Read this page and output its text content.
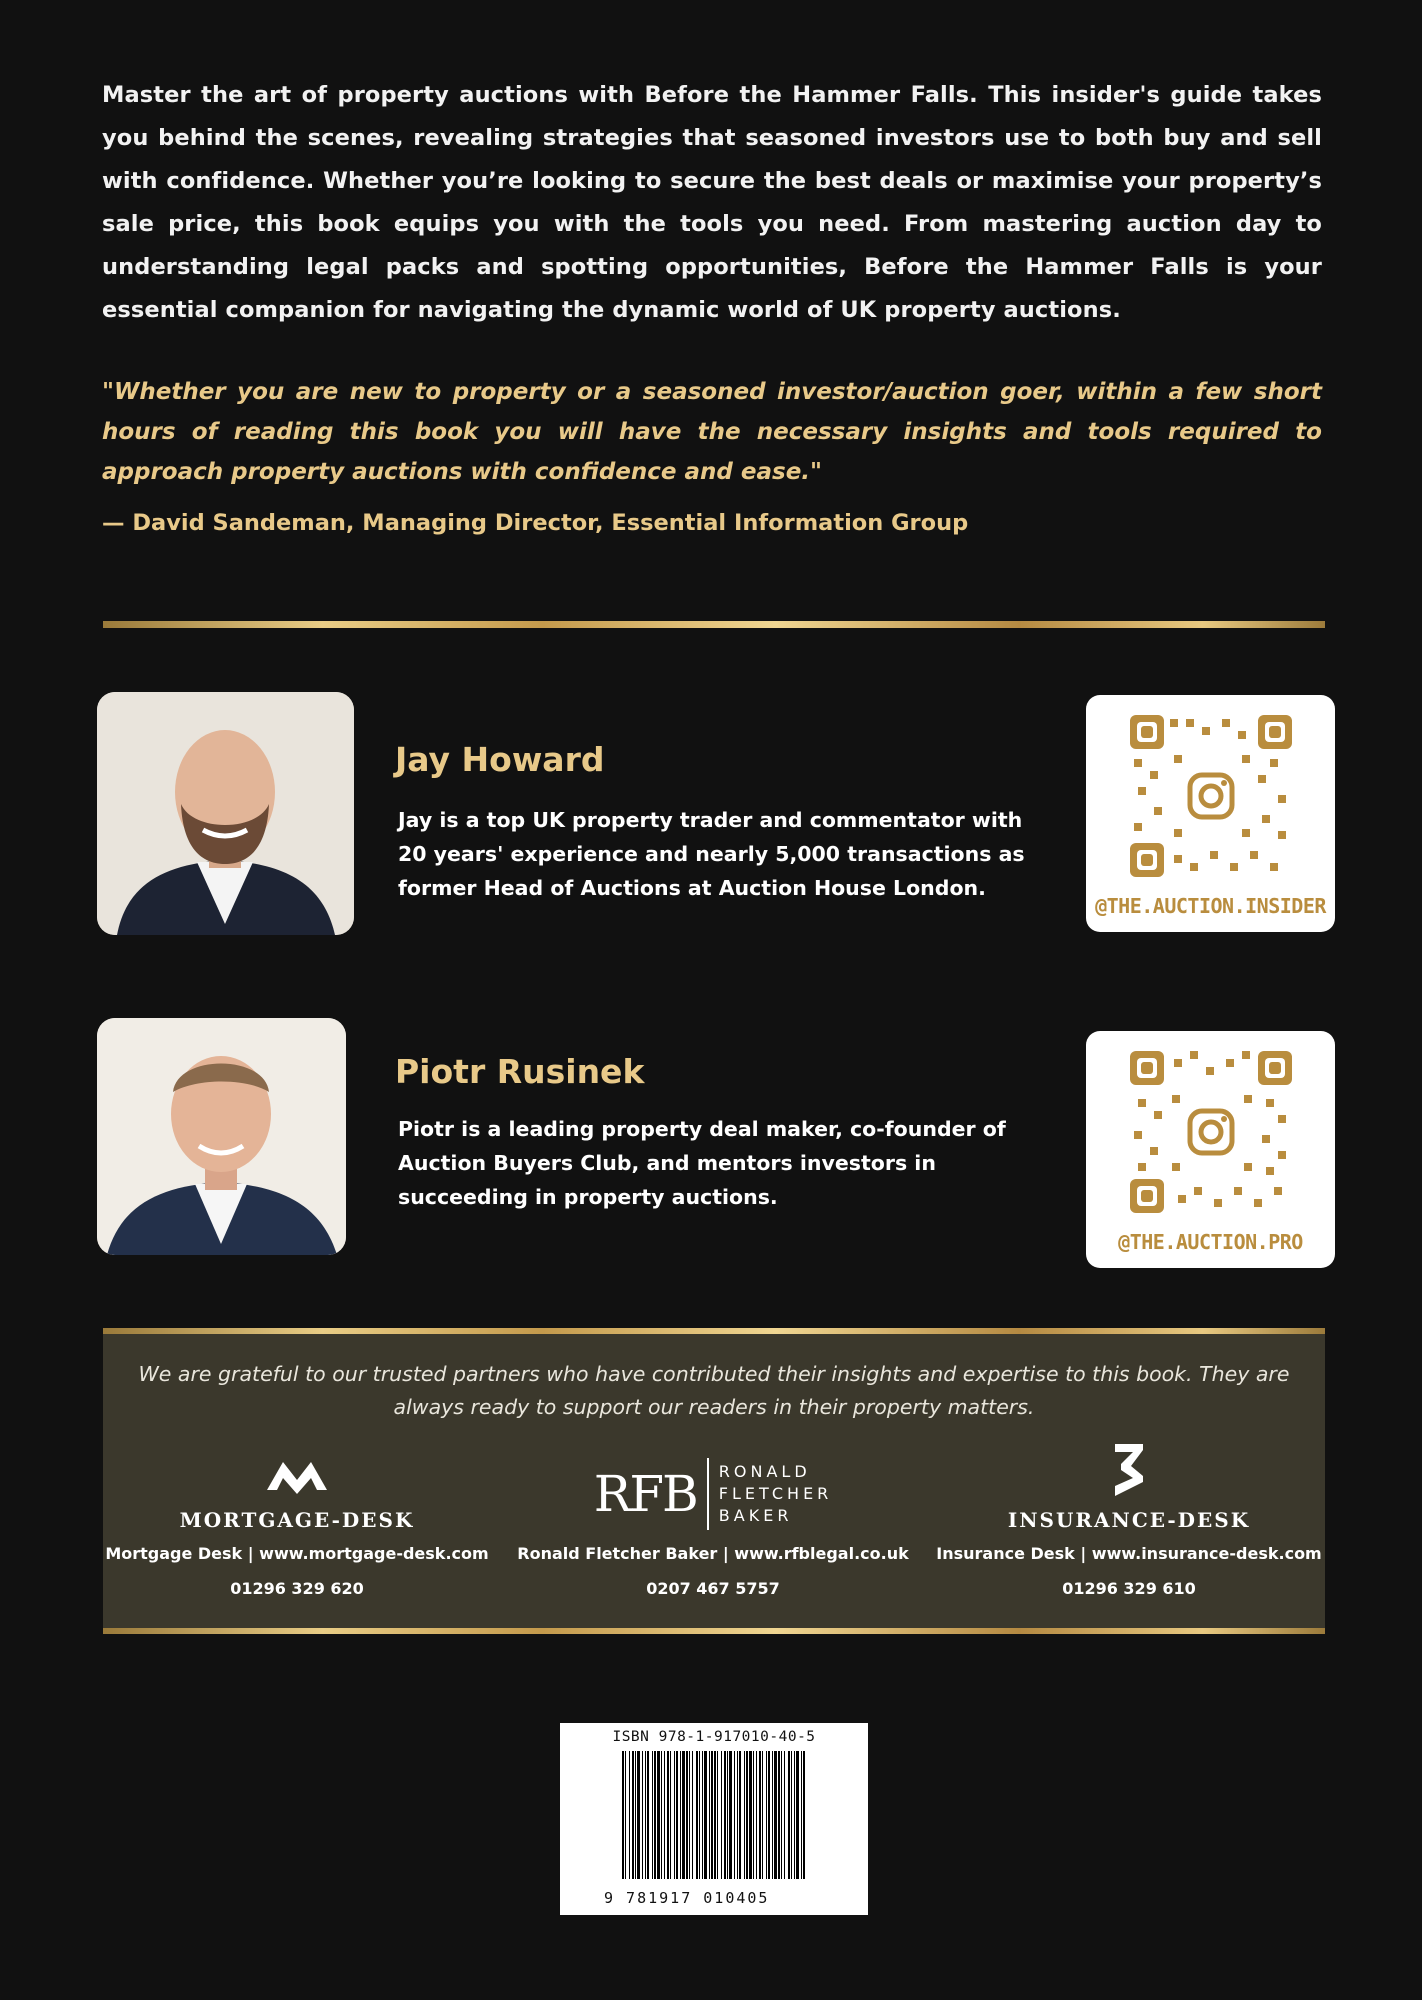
Master the art of property auctions with Before the Hammer Falls. This insider's guide takes you behind the scenes, revealing strategies that seasoned investors use to both buy and sell with confidence. Whether you’re looking to secure the best deals or maximise your property’s sale price, this book equips you with the tools you need. From mastering auction day to understanding legal packs and spotting opportunities, Before the Hammer Falls is your essential companion for navigating the dynamic world of UK property auctions.
"Whether you are new to property or a seasoned investor/auction goer, within a few short hours of reading this book you will have the necessary insights and tools required to approach property auctions with confidence and ease."
— David Sandeman, Managing Director, Essential Information Group
Jay Howard
Jay is a top UK property trader and commentator with 20 years' experience and nearly 5,000 transactions as former Head of Auctions at Auction House London.
@THE.AUCTION.INSIDER
Piotr Rusinek
Piotr is a leading property deal maker, co-founder of Auction Buyers Club, and mentors investors in succeeding in property auctions.
@THE.AUCTION.PRO
We are grateful to our trusted partners who have contributed their insights and expertise to this book. They are always ready to support our readers in their property matters.
MORTGAGE-DESK
Mortgage Desk | www.mortgage-desk.com
01296 329 620
RFB	RONALD
FLETCHER
BAKER
Ronald Fletcher Baker | www.rfblegal.co.uk
0207 467 5757
INSURANCE-DESK
Insurance Desk | www.insurance-desk.com
01296 329 610
ISBN 978-1-917010-40-5
9 781917 010405
